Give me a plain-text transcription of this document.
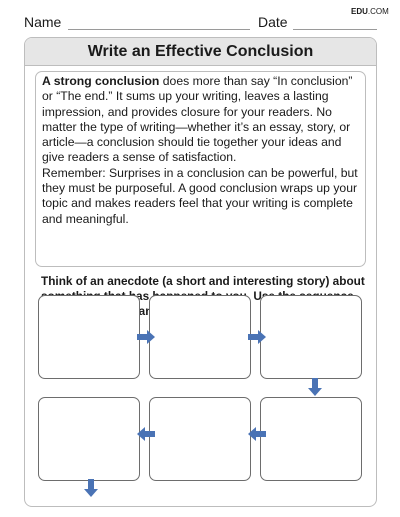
Name	Date
EDU.COM
Write an Effective Conclusion

A strong conclusion does more than say “In conclusion” or “The end.” It sums up your writing, leaves a lasting impression, and provides closure for your readers. No matter the type of writing—whether it’s an essay, story, or article—a conclusion should tie together your ideas and give readers a sense of satisfaction.

Remember: Surprises in a conclusion can be powerful, but they must be purposeful. A good conclusion wraps up your topic and makes readers feel that your writing is complete and meaningful.

Think of an anecdote (a short and interesting story) about has organize
